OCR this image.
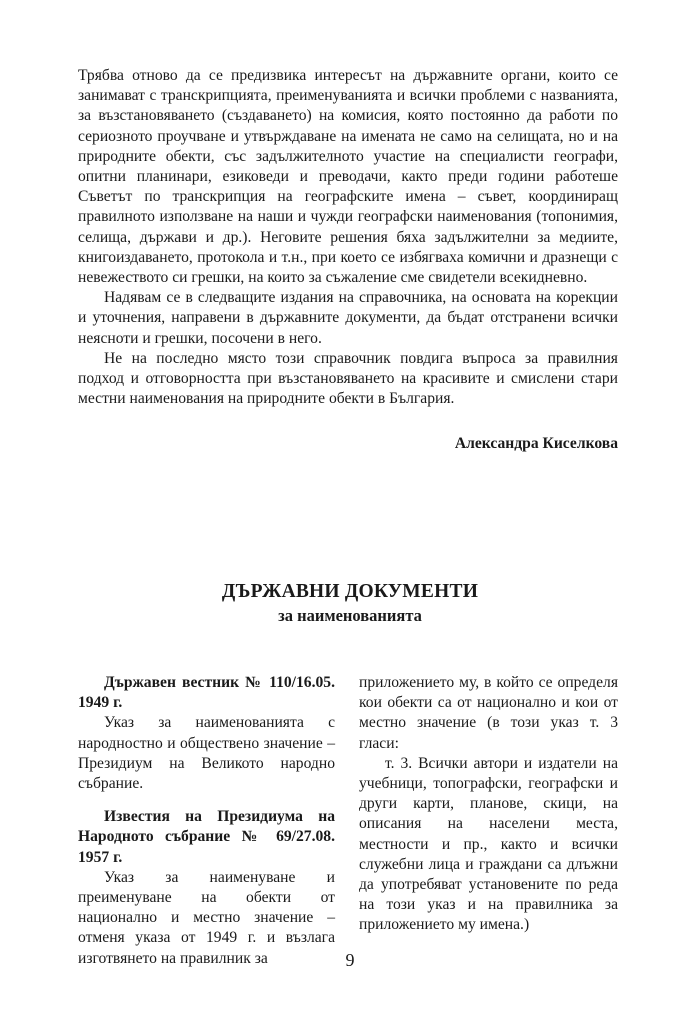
Трябва отново да се предизвика интересът на държавните органи, които се занимават с транскрипцията, преименуванията и всички проблеми с названията, за възстановяването (създаването) на комисия, която постоянно да работи по сериозното проучване и утвърждаване на имената не само на селищата, но и на природните обекти, със задължителното участие на специалисти географи, опитни планинари, езиковеди и преводачи, както преди години работеше Съветът по транскрипция на географските имена – съвет, координиращ правилното използване на наши и чужди географски наименования (топонимия, селища, държави и др.). Неговите решения бяха задължителни за медиите, книгоиздаването, протокола и т.н., при което се избягваха комични и дразнещи с невежеството си грешки, на които за съжаление сме свидетели всекидневно.

Надявам се в следващите издания на справочника, на основата на корекции и уточнения, направени в държавните документи, да бъдат отстранени всички неясноти и грешки, посочени в него.

Не на последно място този справочник повдига въпроса за правилния подход и отговорността при възстановяването на красивите и смислени стари местни наименования на природните обекти в България.

Александра Киселкова
ДЪРЖАВНИ ДОКУМЕНТИ
за наименованията
Държавен вестник № 110/16.05. 1949 г.

Указ за наименованията с народностно и обществено значение – Президиум на Великото народно събрание.

Известия на Президиума на Народното събрание № 69/27.08. 1957 г.

Указ за наименуване и преименуване на обекти от национално и местно значение – отменя указа от 1949 г. и възлага изготвянето на правилник за

приложението му, в който се определя кои обекти са от национално и кои от местно значение (в този указ т. 3 гласи:

т. 3. Всички автори и издатели на учебници, топографски, географски и други карти, планове, скици, на описания на населени места, местности и пр., както и всички служебни лица и граждани са длъжни да употребяват установените по реда на този указ и на правилника за приложението му имена.)

9
